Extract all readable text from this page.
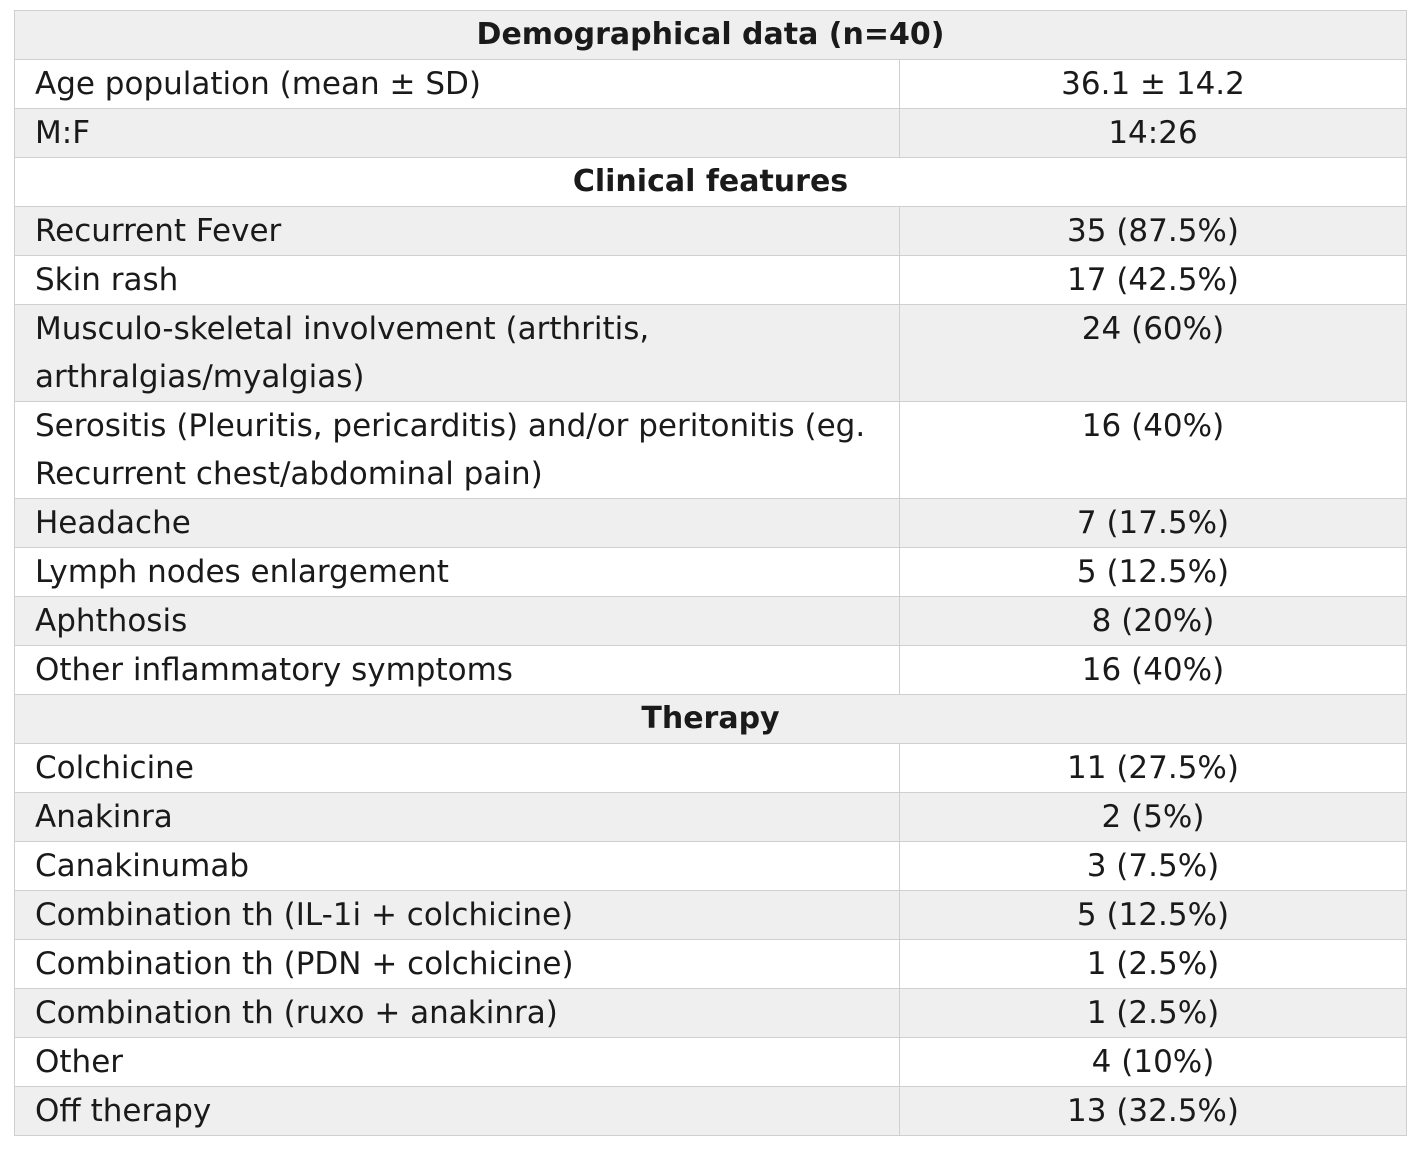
Demographical data (n=40)	
Age population (mean ± SD)	36.1 ± 14.2
M:F	14:26
Clinical features	
Recurrent Fever	35 (87.5%)
Skin rash	17 (42.5%)
Musculo-skeletal involvement (arthritis, arthralgias/myalgias)	24 (60%)
Serositis (Pleuritis, pericarditis) and/or peritonitis (eg. Recurrent chest/abdominal pain)	16 (40%)
Headache	7 (17.5%)
Lymph nodes enlargement	5 (12.5%)
Aphthosis	8 (20%)
Other inflammatory symptoms	16 (40%)
Therapy	
Colchicine	11 (27.5%)
Anakinra	2 (5%)
Canakinumab	3 (7.5%)
Combination th (IL-1i + colchicine)	5 (12.5%)
Combination th (PDN + colchicine)	1 (2.5%)
Combination th (ruxo + anakinra)	1 (2.5%)
Other	4 (10%)
Off therapy	13 (32.5%)
